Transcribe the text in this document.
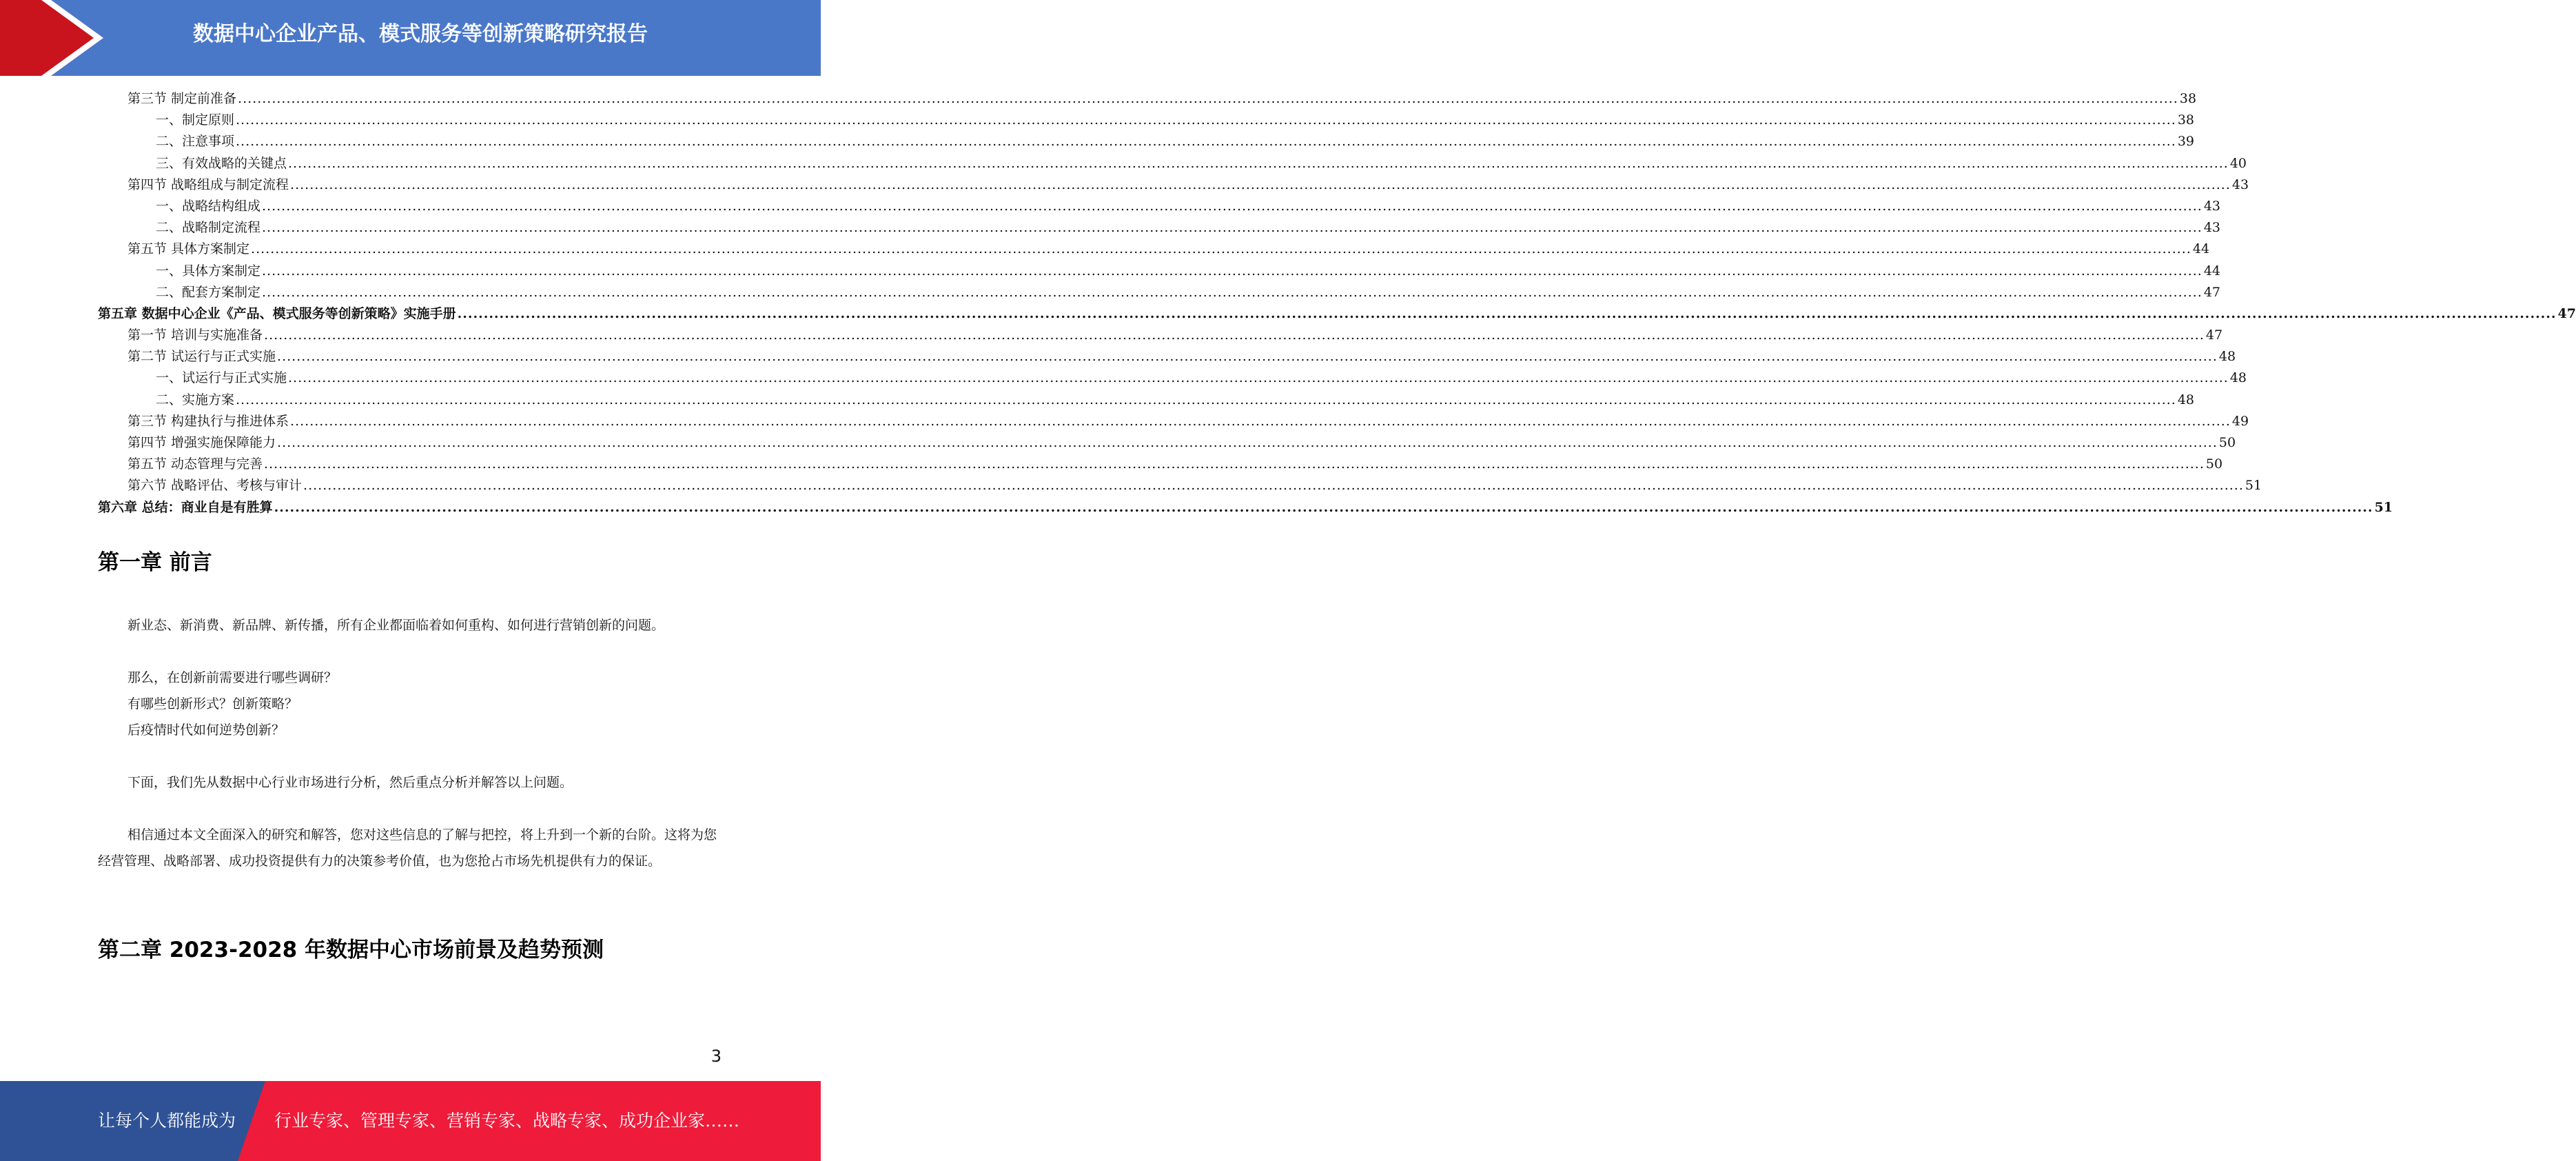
数据中心企业产品、模式服务等创新策略研究报告
第三节 制定前准备 ................................................................................................................................................................................................................................................................................................................................................................................................................ 38
一、制定原则 ................................................................................................................................................................................................................................................................................................................................................................................................................ 38
二、注意事项 ................................................................................................................................................................................................................................................................................................................................................................................................................ 39
三、有效战略的关键点 ................................................................................................................................................................................................................................................................................................................................................................................................................ 40
第四节 战略组成与制定流程 ................................................................................................................................................................................................................................................................................................................................................................................................................ 43
一、战略结构组成 ................................................................................................................................................................................................................................................................................................................................................................................................................ 43
二、战略制定流程 ................................................................................................................................................................................................................................................................................................................................................................................................................ 43
第五节 具体方案制定 ................................................................................................................................................................................................................................................................................................................................................................................................................ 44
一、具体方案制定 ................................................................................................................................................................................................................................................................................................................................................................................................................ 44
二、配套方案制定 ................................................................................................................................................................................................................................................................................................................................................................................................................ 47
第五章 数据中心企业《产品、模式服务等创新策略》实施手册 ................................................................................................................................................................................................................................................................................................................................................................................................................ 47
第一节 培训与实施准备 ................................................................................................................................................................................................................................................................................................................................................................................................................ 47
第二节 试运行与正式实施 ................................................................................................................................................................................................................................................................................................................................................................................................................ 48
一、试运行与正式实施 ................................................................................................................................................................................................................................................................................................................................................................................................................ 48
二、实施方案 ................................................................................................................................................................................................................................................................................................................................................................................................................ 48
第三节 构建执行与推进体系 ................................................................................................................................................................................................................................................................................................................................................................................................................ 49
第四节 增强实施保障能力 ................................................................................................................................................................................................................................................................................................................................................................................................................ 50
第五节 动态管理与完善 ................................................................................................................................................................................................................................................................................................................................................................................................................ 50
第六节 战略评估、考核与审计 ................................................................................................................................................................................................................................................................................................................................................................................................................ 51
第六章 总结：商业自是有胜算 ................................................................................................................................................................................................................................................................................................................................................................................................................ 51
第一章 前言
新业态、新消费、新品牌、新传播，所有企业都面临着如何重构、如何进行营销创新的问题。
那么，在创新前需要进行哪些调研？
有哪些创新形式？创新策略？
后疫情时代如何逆势创新？
下面，我们先从数据中心行业市场进行分析，然后重点分析并解答以上问题。
相信通过本文全面深入的研究和解答，您对这些信息的了解与把控，将上升到一个新的台阶。这将为您经营管理、战略部署、成功投资提供有力的决策参考价值，也为您抢占市场先机提供有力的保证。
第二章 2023-2028 年数据中心市场前景及趋势预测
3
让每个人都能成为 行业专家、管理专家、营销专家、战略专家、成功企业家……
